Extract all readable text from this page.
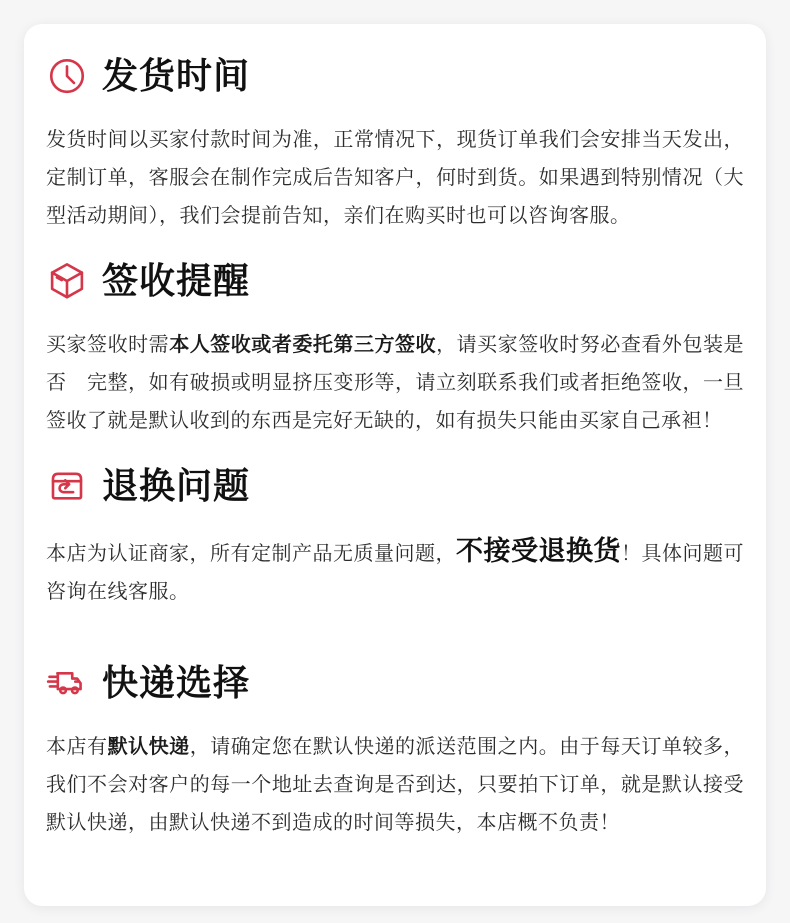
发货时间

发货时间以买家付款时间为准，正常情况下，现货订单我们会安排当天发出，定制订单，客服会在制作完成后告知客户，何时到货。如果遇到特别情况（大型活动期间），我们会提前告知，亲们在购买时也可以咨询客服。

签收提醒

买家签收时需本人签收或者委托第三方签收，请买家签收时努必查看外包装是否　完整，如有破损或明显挤压变形等，请立刻联系我们或者拒绝签收，一旦签收了就是默认收到的东西是完好无缺的，如有损失只能由买家自己承袒！

退换问题

本店为认证商家，所有定制产品无质量问题，不接受退换货！具体问题可咨询在线客服。

快递选择

本店有默认快递，请确定您在默认快递的派送范围之内。由于每天订单较多，我们不会对客户的每一个地址去查询是否到达，只要拍下订单，就是默认接受默认快递，由默认快递不到造成的时间等损失，本店概不负责！
